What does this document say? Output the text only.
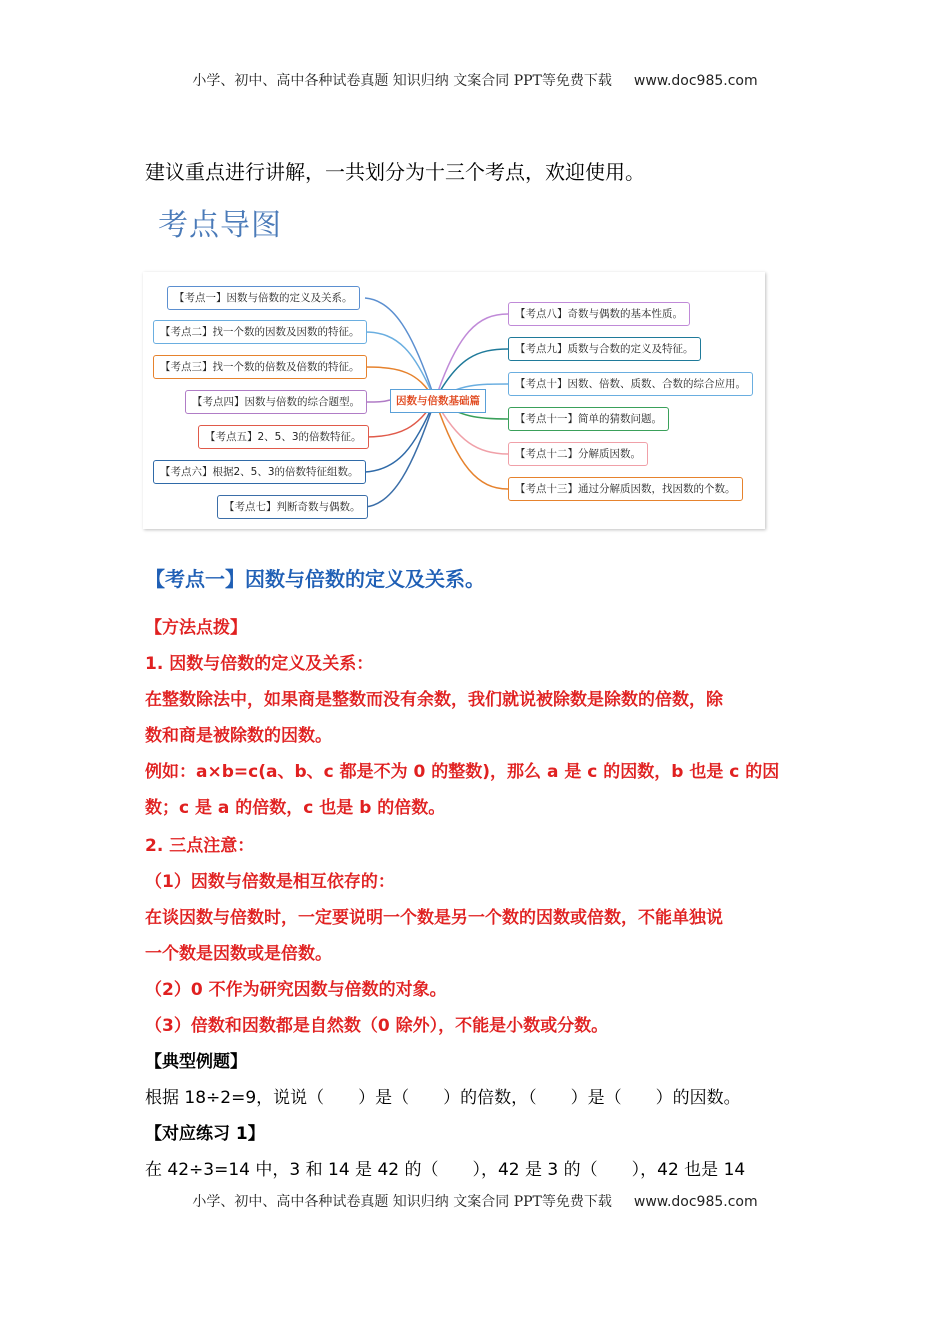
小学、初中、高中各种试卷真题 知识归纳 文案合同 PPT等免费下载 www.doc985.com
建议重点进行讲解，一共划分为十三个考点，欢迎使用。
考点导图
因数与倍数基础篇
【考点一】因数与倍数的定义及关系。
【考点二】找一个数的因数及因数的特征。
【考点三】找一个数的倍数及倍数的特征。
【考点四】因数与倍数的综合题型。
【考点五】2、5、3的倍数特征。
【考点六】根据2、5、3的倍数特征组数。
【考点七】判断奇数与偶数。
【考点八】奇数与偶数的基本性质。
【考点九】质数与合数的定义及特征。
【考点十】因数、倍数、质数、合数的综合应用。
【考点十一】简单的猜数问题。
【考点十二】分解质因数。
【考点十三】通过分解质因数，找因数的个数。
【考点一】因数与倍数的定义及关系。
【方法点拨】
1. 因数与倍数的定义及关系：
在整数除法中，如果商是整数而没有余数，我们就说被除数是除数的倍数，除
数和商是被除数的因数。
例如：a×b=c(a、b、c 都是不为 0 的整数)，那么 a 是 c 的因数，b 也是 c 的因
数；c 是 a 的倍数，c 也是 b 的倍数。
2. 三点注意：
（1）因数与倍数是相互依存的：
在谈因数与倍数时，一定要说明一个数是另一个数的因数或倍数，不能单独说
一个数是因数或是倍数。
（2）0 不作为研究因数与倍数的对象。
（3）倍数和因数都是自然数（0 除外），不能是小数或分数。
【典型例题】
根据 18÷2=9，说说（　　）是（　　）的倍数，（　　）是（　　）的因数。
【对应练习 1】
在 42÷3=14 中，3 和 14 是 42 的（　　），42 是 3 的（　　），42 也是 14
小学、初中、高中各种试卷真题 知识归纳 文案合同 PPT等免费下载 www.doc985.com
